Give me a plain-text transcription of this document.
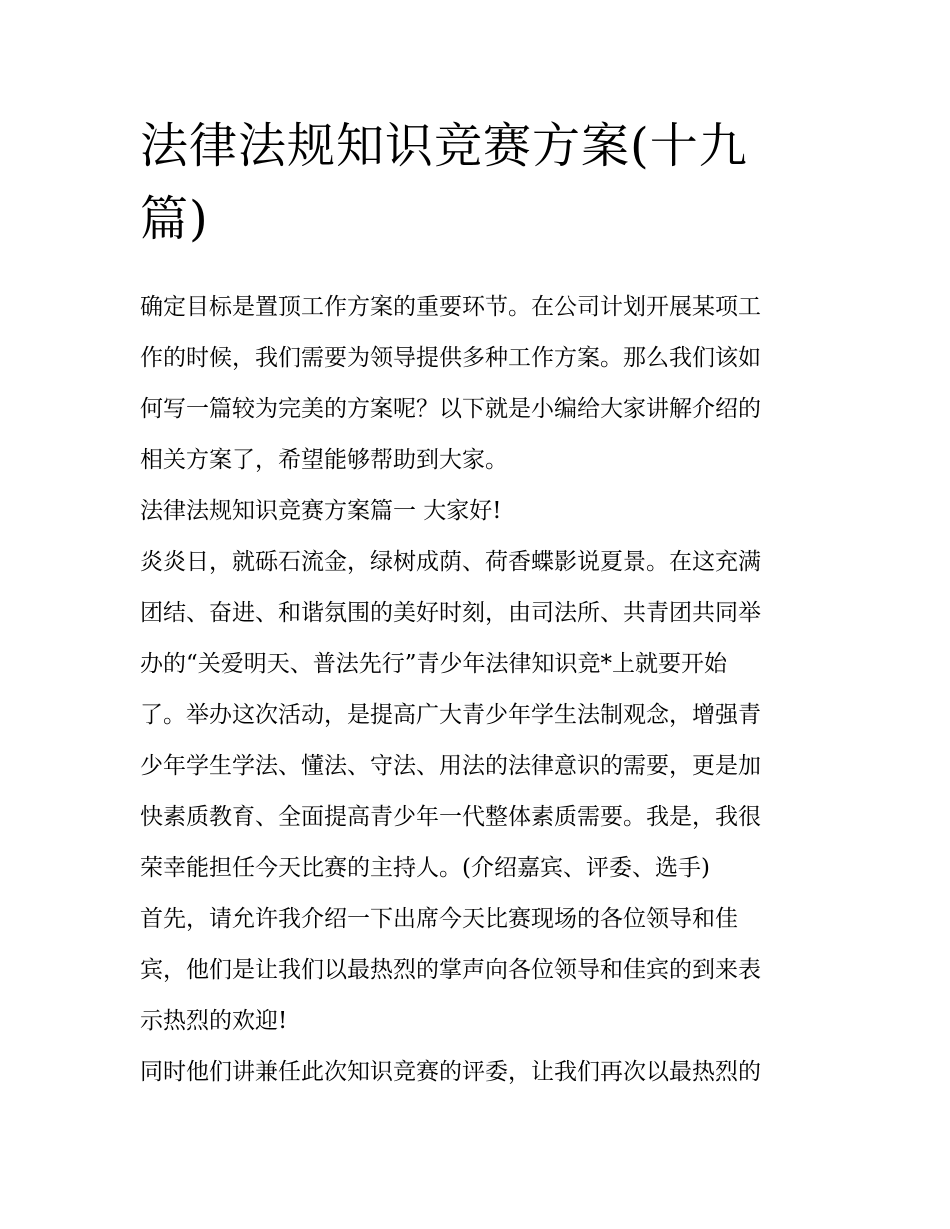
法律法规知识竞赛方案(十九
篇)
确定目标是置顶工作方案的重要环节。在公司计划开展某项工
作的时候，我们需要为领导提供多种工作方案。那么我们该如
何写一篇较为完美的方案呢？以下就是小编给大家讲解介绍的
相关方案了，希望能够帮助到大家。
法律法规知识竞赛方案篇一 大家好!
炎炎日，就砾石流金，绿树成荫、荷香蝶影说夏景。在这充满
团结、奋进、和谐氛围的美好时刻，由司法所、共青团共同举
办的“关爱明天、普法先行”青少年法律知识竞*上就要开始
了。举办这次活动，是提高广大青少年学生法制观念，增强青
少年学生学法、懂法、守法、用法的法律意识的需要，更是加
快素质教育、全面提高青少年一代整体素质需要。我是，我很
荣幸能担任今天比赛的主持人。(介绍嘉宾、评委、选手)
首先，请允许我介绍一下出席今天比赛现场的各位领导和佳
宾，他们是让我们以最热烈的掌声向各位领导和佳宾的到来表
示热烈的欢迎!
同时他们讲兼任此次知识竞赛的评委，让我们再次以最热烈的
